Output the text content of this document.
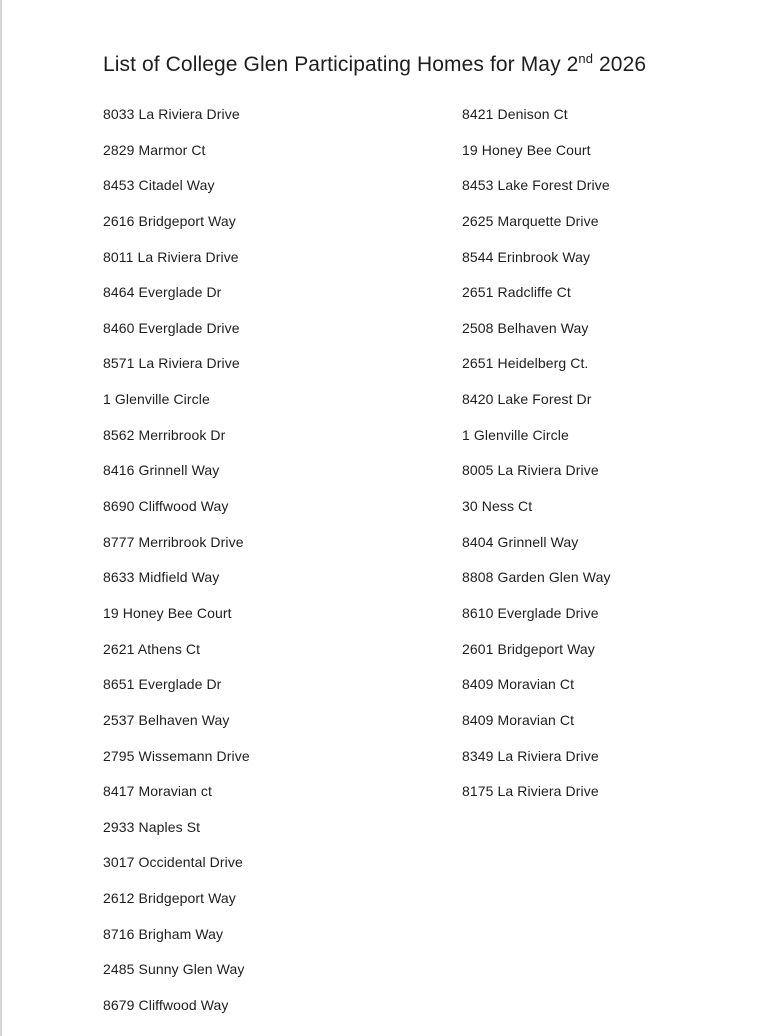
List of College Glen Participating Homes for May 2nd 2026
8033 La Riviera Drive
2829 Marmor Ct
8453 Citadel Way
2616 Bridgeport Way
8011 La Riviera Drive
8464 Everglade Dr
8460 Everglade Drive
8571 La Riviera Drive
1 Glenville Circle
8562 Merribrook Dr
8416 Grinnell Way
8690 Cliffwood Way
8777 Merribrook Drive
8633 Midfield Way
19 Honey Bee Court
2621 Athens Ct
8651 Everglade Dr
2537 Belhaven Way
2795 Wissemann Drive
8417 Moravian ct
2933 Naples St
3017 Occidental Drive
2612 Bridgeport Way
8716 Brigham Way
2485 Sunny Glen Way
8679 Cliffwood Way
8421 Denison Ct
19 Honey Bee Court
8453 Lake Forest Drive
2625 Marquette Drive
8544 Erinbrook Way
2651 Radcliffe Ct
2508 Belhaven Way
2651 Heidelberg Ct.
8420 Lake Forest Dr
1 Glenville Circle
8005 La Riviera Drive
30 Ness Ct
8404 Grinnell Way
8808 Garden Glen Way
8610 Everglade Drive
2601 Bridgeport Way
8409 Moravian Ct
8409 Moravian Ct
8349 La Riviera Drive
8175 La Riviera Drive
